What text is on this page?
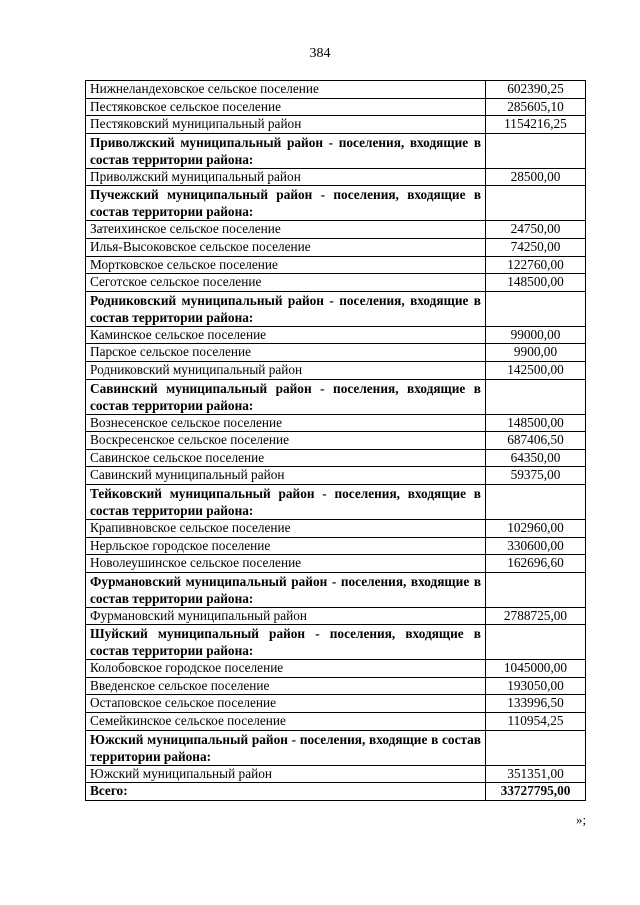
384
Нижнеландеховское сельское поселение	602390,25
Пестяковское сельское поселение	285605,10
Пестяковский муниципальный район	1154216,25
Приволжский муниципальный район - поселения, входящие в состав территории района:	
Приволжский муниципальный район	28500,00
Пучежский муниципальный район - поселения, входящие в состав территории района:	
Затеихинское сельское поселение	24750,00
Илья-Высоковское сельское поселение	74250,00
Мортковское сельское поселение	122760,00
Сеготское сельское поселение	148500,00
Родниковский муниципальный район - поселения, входящие в состав территории района:	
Каминское сельское поселение	99000,00
Парское сельское поселение	9900,00
Родниковский муниципальный район	142500,00
Савинский муниципальный район - поселения, входящие в состав территории района:	
Вознесенское сельское поселение	148500,00
Воскресенское сельское поселение	687406,50
Савинское сельское поселение	64350,00
Савинский муниципальный район	59375,00
Тейковский муниципальный район - поселения, входящие в состав территории района:	
Крапивновское сельское поселение	102960,00
Нерльское городское поселение	330600,00
Новолеушинское сельское поселение	162696,60
Фурмановский муниципальный район - поселения, входящие в состав территории района:	
Фурмановский муниципальный район	2788725,00
Шуйский муниципальный район - поселения, входящие в состав территории района:	
Колобовское городское поселение	1045000,00
Введенское сельское поселение	193050,00
Остаповское сельское поселение	133996,50
Семейкинское сельское поселение	110954,25
Южский муниципальный район - поселения, входящие в состав территории района:	
Южский муниципальный район	351351,00
Всего:	33727795,00
»;
